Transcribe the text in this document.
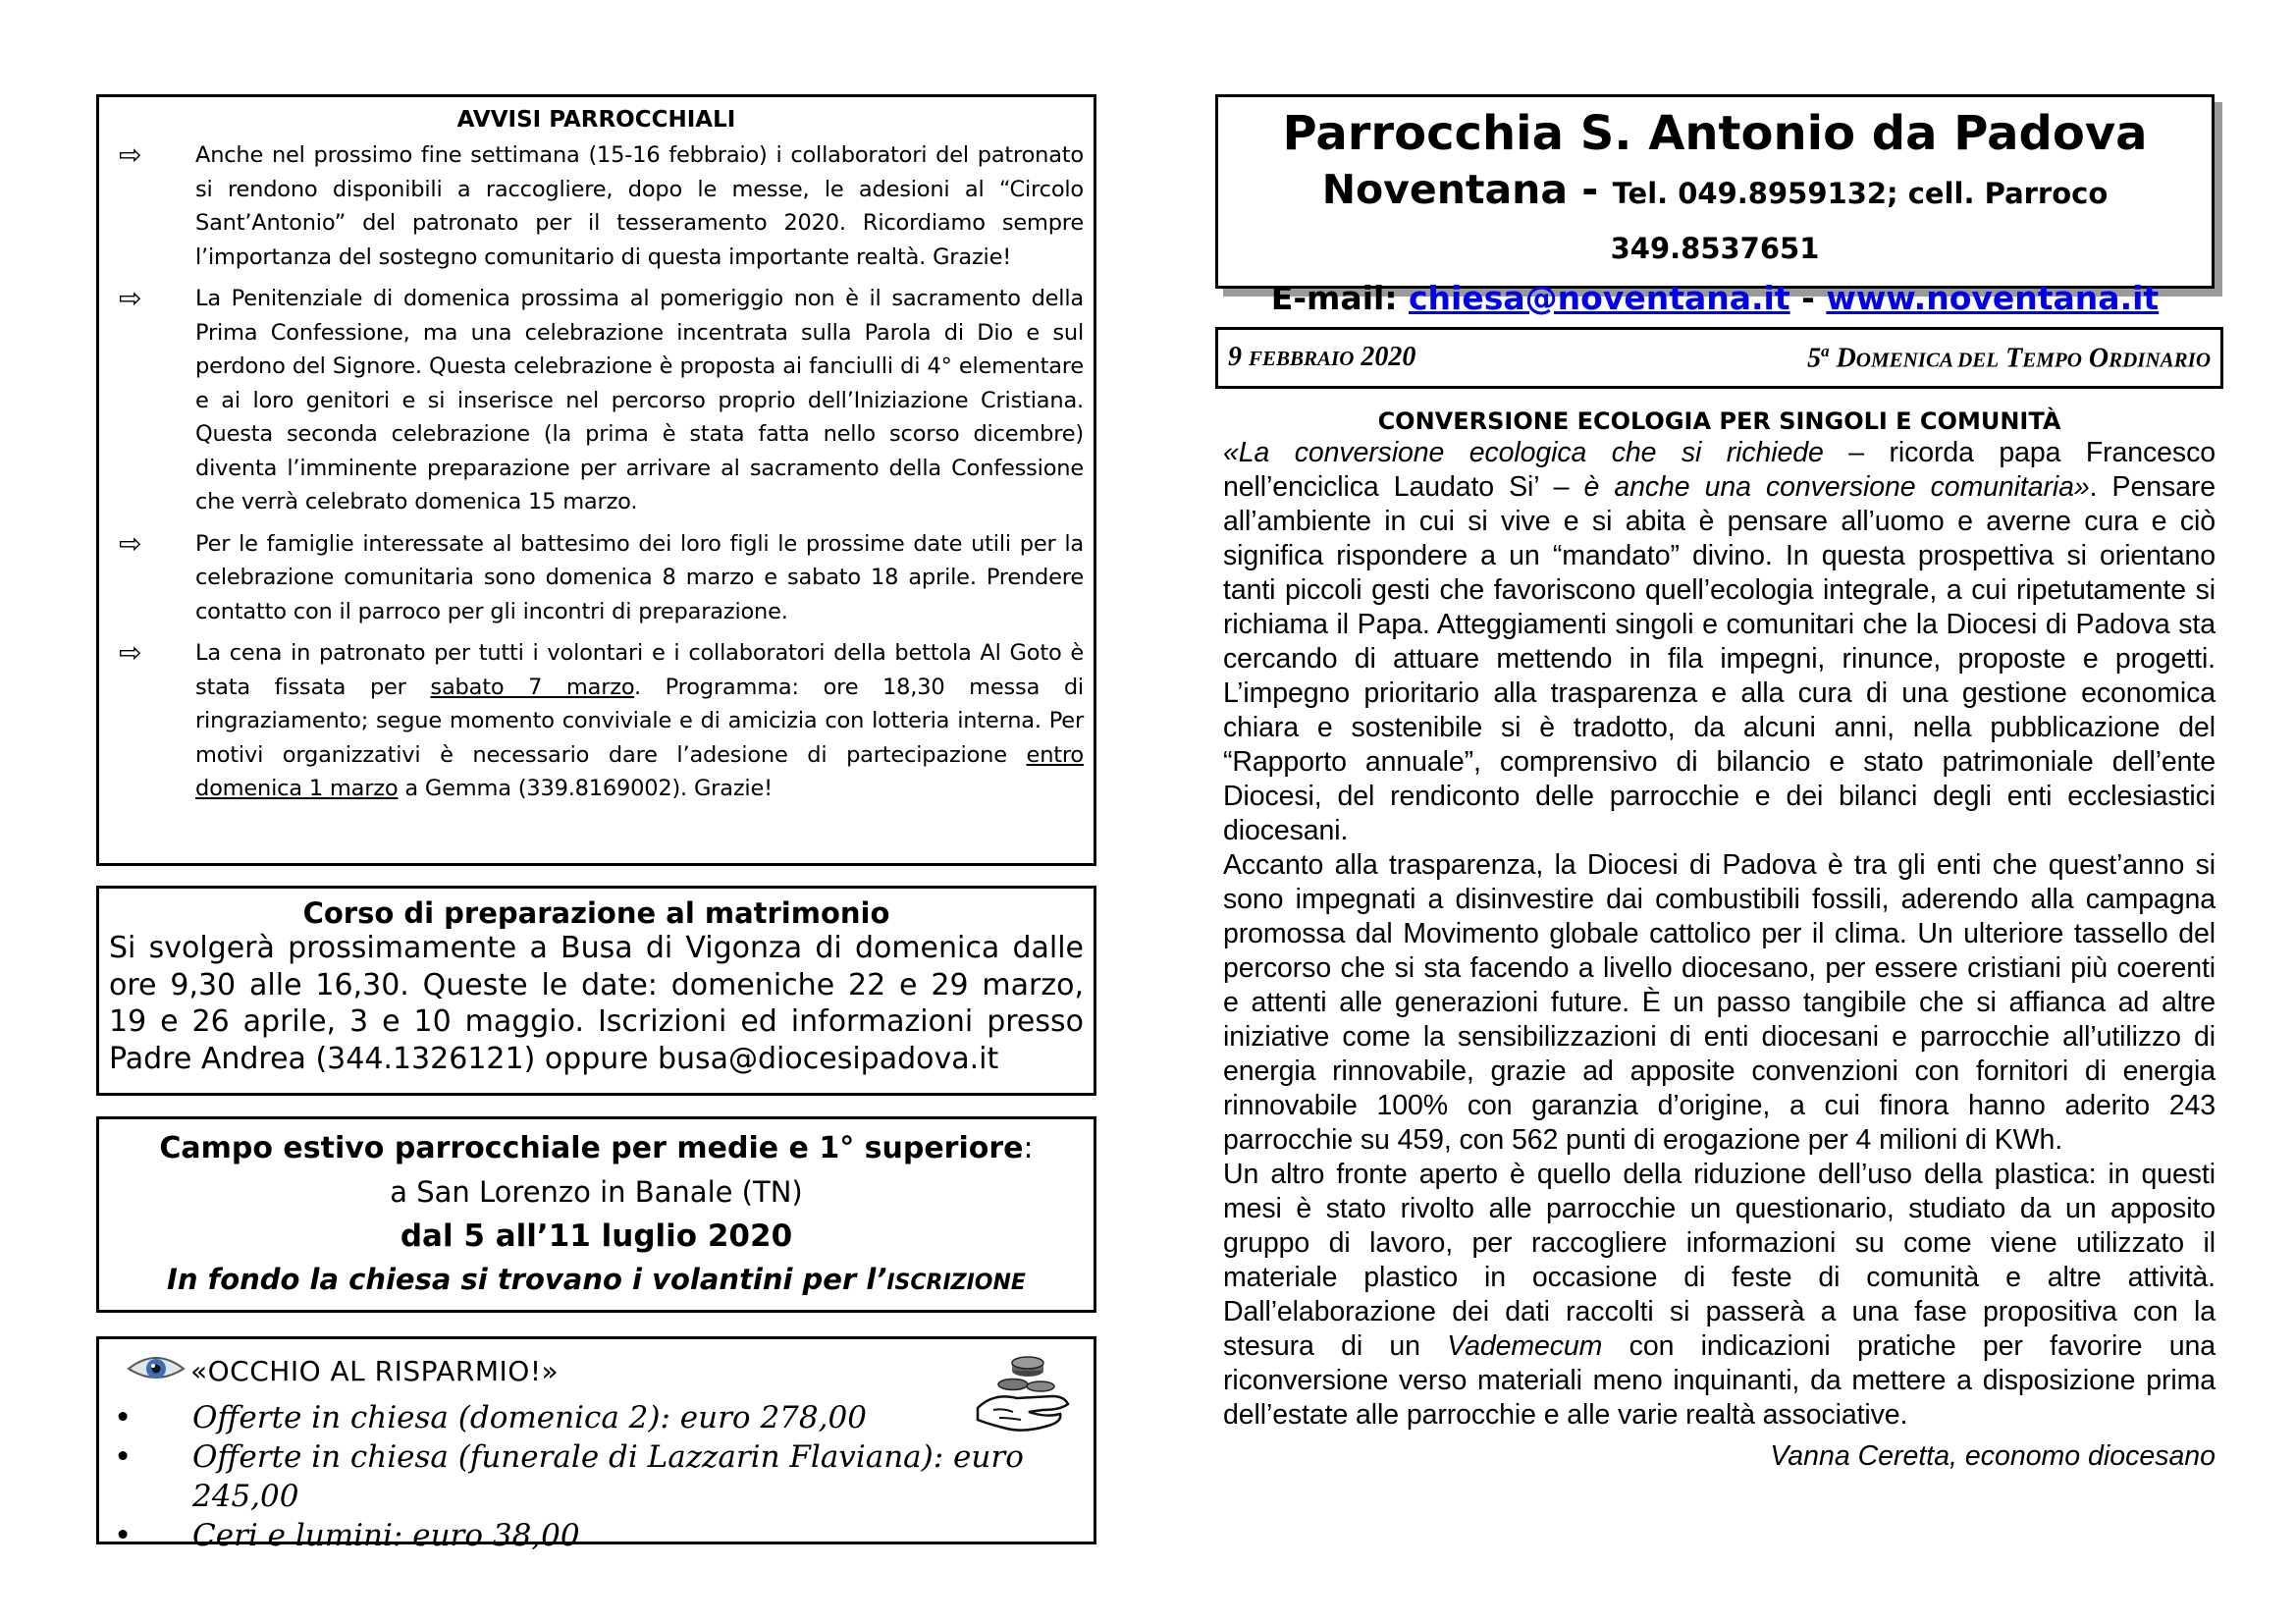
AVVISI PARROCCHIALI
⇨ Anche nel prossimo fine settimana (15-16 febbraio) i collaboratori del patronato si rendono disponibili a raccogliere, dopo le messe, le adesioni al “Circolo Sant’Antonio” del patronato per il tesseramento 2020. Ricordiamo sempre l’importanza del sostegno comunitario di questa importante realtà. Grazie!
⇨ La Penitenziale di domenica prossima al pomeriggio non è il sacramento della Prima Confessione, ma una celebrazione incentrata sulla Parola di Dio e sul perdono del Signore. Questa celebrazione è proposta ai fanciulli di 4° elementare e ai loro genitori e si inserisce nel percorso proprio dell’Iniziazione Cristiana. Questa seconda celebrazione (la prima è stata fatta nello scorso dicembre) diventa l’imminente preparazione per arrivare al sacramento della Confessione che verrà celebrato domenica 15 marzo.
⇨ Per le famiglie interessate al battesimo dei loro figli le prossime date utili per la celebrazione comunitaria sono domenica 8 marzo e sabato 18 aprile. Prendere contatto con il parroco per gli incontri di preparazione.
⇨ La cena in patronato per tutti i volontari e i collaboratori della bettola Al Goto è stata fissata per sabato 7 marzo. Programma: ore 18,30 messa di ringraziamento; segue momento conviviale e di amicizia con lotteria interna. Per motivi organizzativi è necessario dare l’adesione di partecipazione entro domenica 1 marzo a Gemma (339.8169002). Grazie!
Corso di preparazione al matrimonio
Si svolgerà prossimamente a Busa di Vigonza di domenica dalle ore 9,30 alle 16,30. Queste le date: domeniche 22 e 29 marzo, 19 e 26 aprile, 3 e 10 maggio. Iscrizioni ed informazioni presso Padre Andrea (344.1326121) oppure busa@diocesipadova.it
Campo estivo parrocchiale per medie e 1° superiore:
a San Lorenzo in Banale (TN)
dal 5 all’11 luglio 2020
In fondo la chiesa si trovano i volantini per l’ISCRIZIONE
«OCCHIO AL RISPARMIO!»
• Offerte in chiesa (domenica 2): euro 278,00
• Offerte in chiesa (funerale di Lazzarin Flaviana): euro 245,00
• Ceri e lumini: euro 38,00
Parrocchia S. Antonio da Padova
Noventana - Tel. 049.8959132; cell. Parroco 349.8537651
E-mail: chiesa@noventana.it - www.noventana.it
9 FEBBRAIO 2020	5$^a$ DOMENICA DEL TEMPO ORDINARIO
CONVERSIONE ECOLOGIA PER SINGOLI E COMUNITÀ
«La conversione ecologica che si richiede – ricorda papa Francesco nell’enciclica Laudato Si’ – è anche una conversione comunitaria». Pensare all’ambiente in cui si vive e si abita è pensare all’uomo e averne cura e ciò significa rispondere a un “mandato” divino. In questa prospettiva si orientano tanti piccoli gesti che favoriscono quell’ecologia integrale, a cui ripetutamente si richiama il Papa. Atteggiamenti singoli e comunitari che la Diocesi di Padova sta cercando di attuare mettendo in fila impegni, rinunce, proposte e progetti. L’impegno prioritario alla trasparenza e alla cura di una gestione economica chiara e sostenibile si è tradotto, da alcuni anni, nella pubblicazione del “Rapporto annuale”, comprensivo di bilancio e stato patrimoniale dell’ente Diocesi, del rendiconto delle parrocchie e dei bilanci degli enti ecclesiastici diocesani.
Accanto alla trasparenza, la Diocesi di Padova è tra gli enti che quest’anno si sono impegnati a disinvestire dai combustibili fossili, aderendo alla campagna promossa dal Movimento globale cattolico per il clima. Un ulteriore tassello del percorso che si sta facendo a livello diocesano, per essere cristiani più coerenti e attenti alle generazioni future. È un passo tangibile che si affianca ad altre iniziative come la sensibilizzazioni di enti diocesani e parrocchie all’utilizzo di energia rinnovabile, grazie ad apposite convenzioni con fornitori di energia rinnovabile 100% con garanzia d’origine, a cui finora hanno aderito 243 parrocchie su 459, con 562 punti di erogazione per 4 milioni di KWh.
Un altro fronte aperto è quello della riduzione dell’uso della plastica: in questi mesi è stato rivolto alle parrocchie un questionario, studiato da un apposito gruppo di lavoro, per raccogliere informazioni su come viene utilizzato il materiale plastico in occasione di feste di comunità e altre attività. Dall’elaborazione dei dati raccolti si passerà a una fase propositiva con la stesura di un Vademecum con indicazioni pratiche per favorire una riconversione verso materiali meno inquinanti, da mettere a disposizione prima dell’estate alle parrocchie e alle varie realtà associative.
Vanna Ceretta, economo diocesano
